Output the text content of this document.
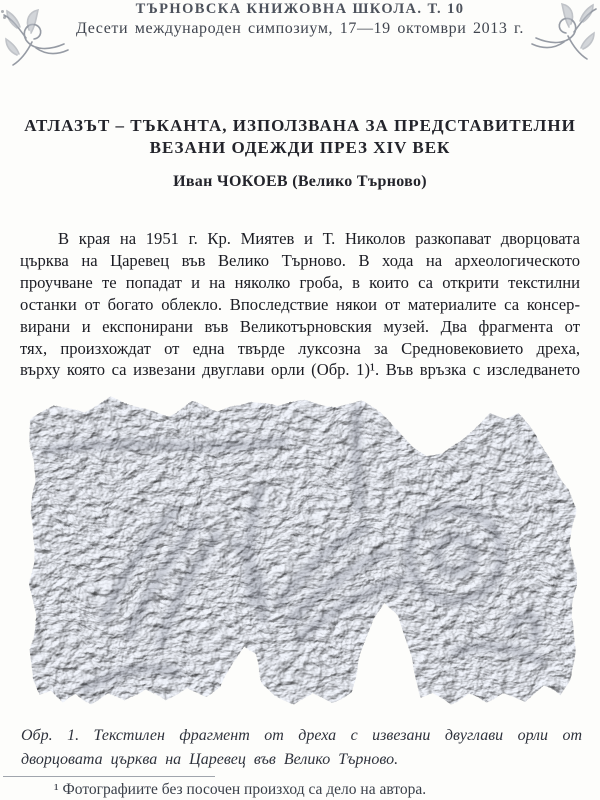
ТЪРНОВСКА КНИЖОВНА ШКОЛА. Т. 10
Десети международен симпозиум, 17—19 октомври 2013 г.
АТЛАЗЪТ – ТЪКАНТА, ИЗПОЛЗВАНА ЗА ПРЕДСТАВИТЕЛНИ
ВЕЗАНИ ОДЕЖДИ ПРЕЗ XIV ВЕК
Иван ЧОКОЕВ (Велико Търново)
В края на 1951 г. Кр. Миятев и Т. Николов разкопават дворцовата
църква на Царевец във Велико Търново. В хода на археологическото
проучване те попадат и на няколко гроба, в които са открити текстилни
останки от богато облекло. Впоследствие някои от материалите са консер-
вирани и експонирани във Великотърновския музей. Два фрагмента от
тях, произхождат от една твърде луксозна за Средновековието дреха,
върху която са извезани двуглави орли (Обр. 1)¹. Във връзка с изследването
Обр. 1. Текстилен фрагмент от дреха с извезани двуглави орли от
дворцовата църква на Царевец във Велико Търново.
¹ Фотографиите без посочен произход са дело на автора.
